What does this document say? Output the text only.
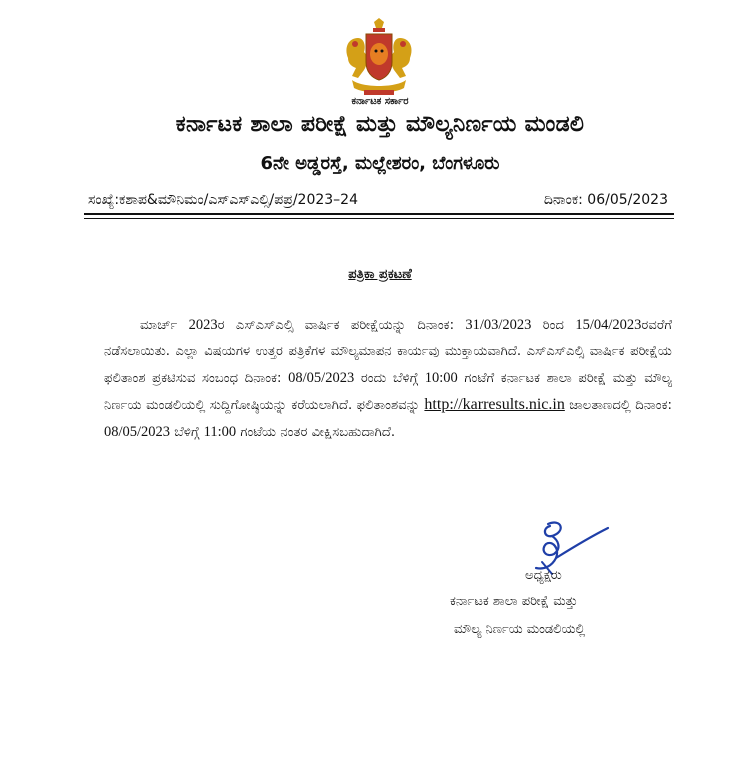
ಕರ್ನಾಟಕ ಸರ್ಕಾರ
ಕರ್ನಾಟಕ ಶಾಲಾ ಪರೀಕ್ಷೆ ಮತ್ತು ಮೌಲ್ಯನಿರ್ಣಯ ಮಂಡಲಿ
6ನೇ ಅಡ್ಡರಸ್ತೆ, ಮಲ್ಲೇಶರಂ, ಬೆಂಗಳೂರು
ಸಂಖ್ಯೆ:ಕಶಾಪ&ಮೌನಿಮಂ/ಎಸ್ಎಸ್ಎಲ್ಸಿ/ಪಪ್ರ/2023–24	ದಿನಾಂಕ: 06/05/2023
ಪತ್ರಿಕಾ ಪ್ರಕಟಣೆ
ಮಾರ್ಚ್ 2023ರ ಎಸ್ಎಸ್ಎಲ್ಸಿ ವಾರ್ಷಿಕ ಪರೀಕ್ಷೆಯನ್ನು ದಿನಾಂಕ: 31/03/2023 ರಿಂದ 15/04/2023ರವರೆಗೆ ನಡೆಸಲಾಯಿತು. ಎಲ್ಲಾ ವಿಷಯಗಳ ಉತ್ತರ ಪತ್ರಿಕೆಗಳ ಮೌಲ್ಯಮಾಪನ ಕಾರ್ಯವು ಮುಕ್ತಾಯವಾಗಿದೆ. ಎಸ್ಎಸ್ಎಲ್ಸಿ ವಾರ್ಷಿಕ ಪರೀಕ್ಷೆಯ ಫಲಿತಾಂಶ ಪ್ರಕಟಿಸುವ ಸಂಬಂಧ ದಿನಾಂಕ: 08/05/2023 ರಂದು ಬೆಳಿಗ್ಗೆ 10:00 ಗಂಟೆಗೆ ಕರ್ನಾಟಕ ಶಾಲಾ ಪರೀಕ್ಷೆ ಮತ್ತು ಮೌಲ್ಯ ನಿರ್ಣಯ ಮಂಡಲಿಯಲ್ಲಿ ಸುದ್ದಿಗೋಷ್ಠಿಯನ್ನು ಕರೆಯಲಾಗಿದೆ. ಫಲಿತಾಂಶವನ್ನು http://karresults.nic.in ಜಾಲತಾಣದಲ್ಲಿ ದಿನಾಂಕ: 08/05/2023 ಬೆಳಿಗ್ಗೆ 11:00 ಗಂಟೆಯ ನಂತರ ವೀಕ್ಷಿಸಬಹುದಾಗಿದೆ.
ಅಧ್ಯಕ್ಷರು
ಕರ್ನಾಟಕ ಶಾಲಾ ಪರೀಕ್ಷೆ ಮತ್ತು
ಮೌಲ್ಯ ನಿರ್ಣಯ ಮಂಡಲಿಯಲ್ಲಿ
